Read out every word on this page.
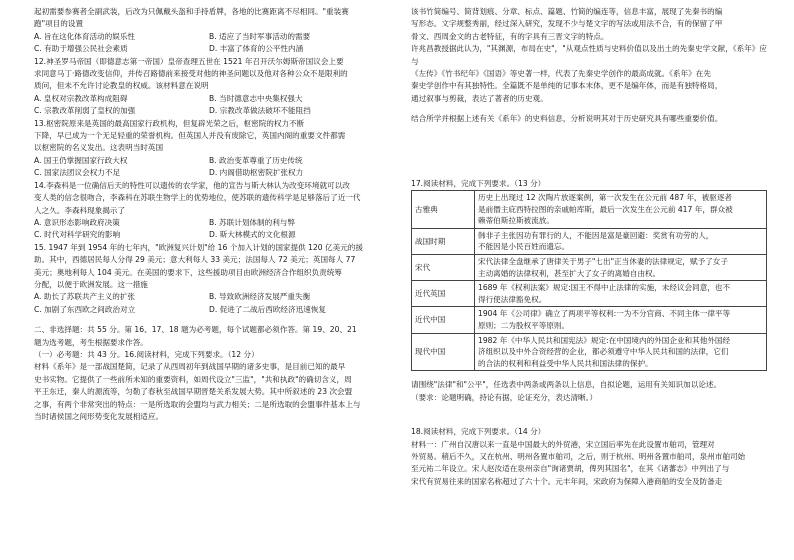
起初需要参赛者全副武装，后改为只佩戴头盔和手持盾牌，各地的比赛距离不尽相同。"重装赛

跑"项目的设置

A. 旨在这化体育活动的娱乐性	B. 适应了当时军事活动的需要
C. 有助于增强公民社会素质	D. 丰富了体育的公平性内涵

12.神圣罗马帝国（即德意志第一帝国）皇帝查理五世在 1521 年召开沃尔姆斯帝国议会上要

求同意马丁·路德改变信仰，并传召路德前来接受对他的神圣问题以及他对各种公众不是限利的

质问，但未不允许讨论教皇的权威。该材料意在说明

A. 皇权对宗教改革构成阻碍	B. 当时德意志中央集权强大
C. 宗教改革削弱了皇权的加强	D. 宗教改革做法破坏不能阻挡

13.枢密院原来是英国的最高国家行政机构，但复辟光荣之后，枢密院的权力不断

下降，早已成为一个无足轻重的荣誉机构。但英国人并没有废除它，英国内阁的重要文件都需

以枢密院的名义发出。这表明当时英国

A. 国王仍掌握国家行政大权	B. 政治变革尊重了历史传统
C. 国家法团议会权力不足	D. 内阁借助枢密院扩张权力

14.李森科是一位确信后天的特性可以遗传的农学家，他的宣告与斯大林认为改变环境就可以改

变人类的信念很吻合，李森科在苏联生物学上的优势地位，使苏联的遗传科学是足够落后了近一代

人之久。李森科现象揭示了

A. 意识形态影响政府决策	B. 苏联计划体制的利与弊
C. 时代对科学研究的影响	D. 斯大林模式的文化根源

15. 1947 年到 1954 年的七年内，"欧洲复兴计划"给 16 个加入计划的国家提供 120 亿美元的援

助。其中，西德居民每人分得 29 美元；意大利每人 33 美元；法国每人 72 美元；英国每人 77

美元；奥地利每人 104 美元。在美国的要求下，这些援助项目由欧洲经济合作组织负责统筹

分配，以便于欧洲发展。这一措施

A. 助长了苏联共产主义的扩张	B. 导致欧洲经济发展严重失衡
C. 加剧了东西欧之间政治对立	D. 促进了二战后西欧经济迅速恢复

二、非选择题：共 55 分。第 16、17、18 题为必考题，每个试题都必须作答。第 19、20、21

题为选考题，考生根据要求作答。

（一）必考题：共 43 分。16.阅读材料，完成下列要求。（12 分）

材料《系年》是一部战国楚简，记录了从西周初年到战国早期的诸多史事，是目前已知的最早

史书实物。它提供了一些前所未知的重要资料，如周代设立"三监"，"共和执政"的确切含义，周

平王东迁，秦人的源流等，匀勒了春秋至战国早期晋楚关系发展大势。其中所叙述的 23 次会盟

之事，有两个非常突出的特点：一是所选取的会盟均与武力相关；二是所选取的会盟事件基本上与

当时诸侯国之间形势变化发展相适应。

该书竹简编号、简背划痕、分章、标点、篇题、竹简的编连等，信息丰富，展现了先秦书的编

写形态。文字规整秀丽，经过深入研究，发现不少与楚文字的写法或用法不合，有的保留了甲

骨文、西周金文的古老特征，有的字具有三晋文字的特点。

许兆昌教授据此认为，"其渊源，布局在史"，"从观点性质与史料价值以及出土的先秦史学文献，《系年》应与

《左传》《竹书纪年》《国语》等史著一样，代表了先秦史学创作的最高成就。《系年》在先

秦史学创作中有其独特性。全篇既不是单纯的记事本末体，更不是编年体，而是有独特格局，

通过叙事与剪裁，表达了著者的历史观。

结合所学并根据上述有关《系年》的史料信息，分析说明其对于历史研究具有哪些重要价值。

17.阅读材料，完成下列要求。（13 分）

古雅典	历史上出现过 12 次陶片放逐案例，第一次发生在公元前 487 年，被驱逐者
是前僭主庇西特拉图的亲戚帕库斯，最后一次发生在公元前 417 年，群众被
赖蒂伯斯拉斯被流放。

战国时期	韩非子主张因功有罪行的人，不能因是富是豪回避：奖赏有功劳的人，
不能因是小民百姓而遗忘。

宋代	宋代法律全盘继承了唐律关于男子"七出"正当休妻的法律规定，赋予了女子
主动离婚的法律权利，甚至扩大了女子的离婚自由权。

近代英国	1689 年《权利法案》规定:国王不得中止法律的实施，未经议会同意，也不
得行使法律豁免权。

近代中国	1904 年《公司律》确立了两项平等权利:一为不分官商、不同主体一律平等
原则；二为股权平等原则。

现代中国	1982 年《中华人民共和国宪法》规定:在中国境内的外国企业和其他外国经
济组织以及中外合资经营的企业，都必须遵守中华人民共和国的法律，它们
的合法的权利和利益受中华人民共和国法律的保护。

请围绕"法律"和"公平"，任选表中两条或两条以上信息，自拟论题，运用有关知识加以论述。

（要求：论题明确，持论有据，论证充分，表达清晰。）

18.阅读材料，完成下列要求。（14 分）

材料一：广州自汉唐以来一直是中国最大的外贸港，宋立国后率先在此设置市舶司，管理对

外贸易。稍后不久，又在杭州、明州各置市舶司，之后，则于杭州、明州各置市舶司，泉州市舶司始

至元祐二年设立。宋人赵汝适在泉州亲自"询诸贾胡，俾列其国名"，在其《诸蕃志》中列出了与

宋代有贸易往来的国家名称超过了六十个。元丰年间，宋政府为保障入港商船的安全及防备走
